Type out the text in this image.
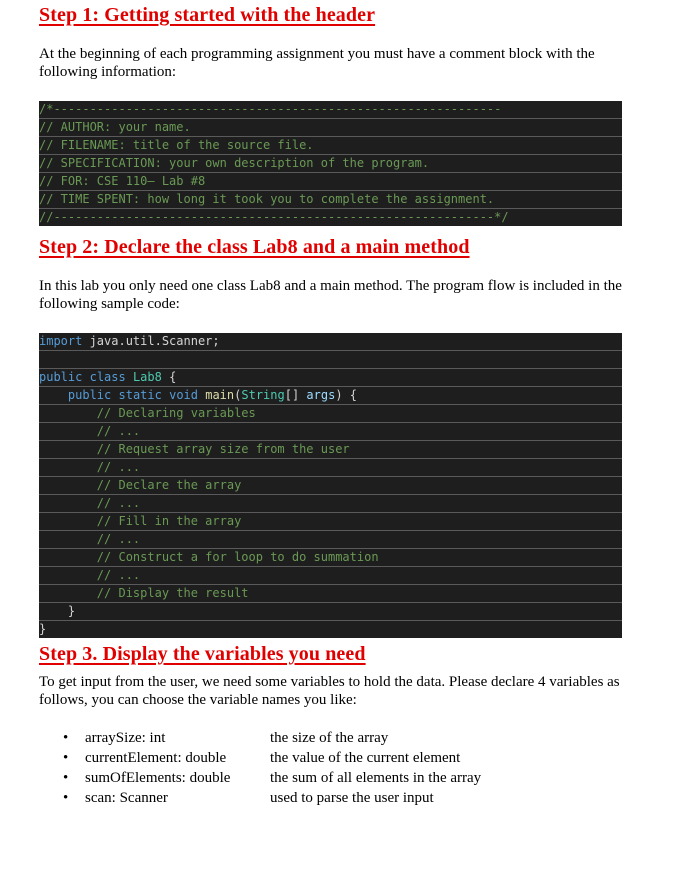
Step 1: Getting started with the header

At the beginning of each programming assignment you must have a comment block with the following information:

/*--------------------------------------------------------------
// AUTHOR: your name.
// FILENAME: title of the source file.
// SPECIFICATION: your own description of the program.
// FOR: CSE 110– Lab #8
// TIME SPENT: how long it took you to complete the assignment.
//-------------------------------------------------------------*/
Step 2: Declare the class Lab8 and a main method

In this lab you only need one class Lab8 and a main method. The program flow is included in the following sample code:

import java.util.Scanner;

public class Lab8 {
public static void main(String[] args) {
// Declaring variables
// ...
// Request array size from the user
// ...
// Declare the array
// ...
// Fill in the array
// ...
// Construct a for loop to do summation
// ...
// Display the result
}
}
Step 3. Display the variables you need

To get input from the user, we need some variables to hold the data. Please declare 4 variables as follows, you can choose the variable names you like:

• arraySize: int	the size of the array
• currentElement: double	the value of the current element
• sumOfElements: double	the sum of all elements in the array
• scan: Scanner	used to parse the user input
